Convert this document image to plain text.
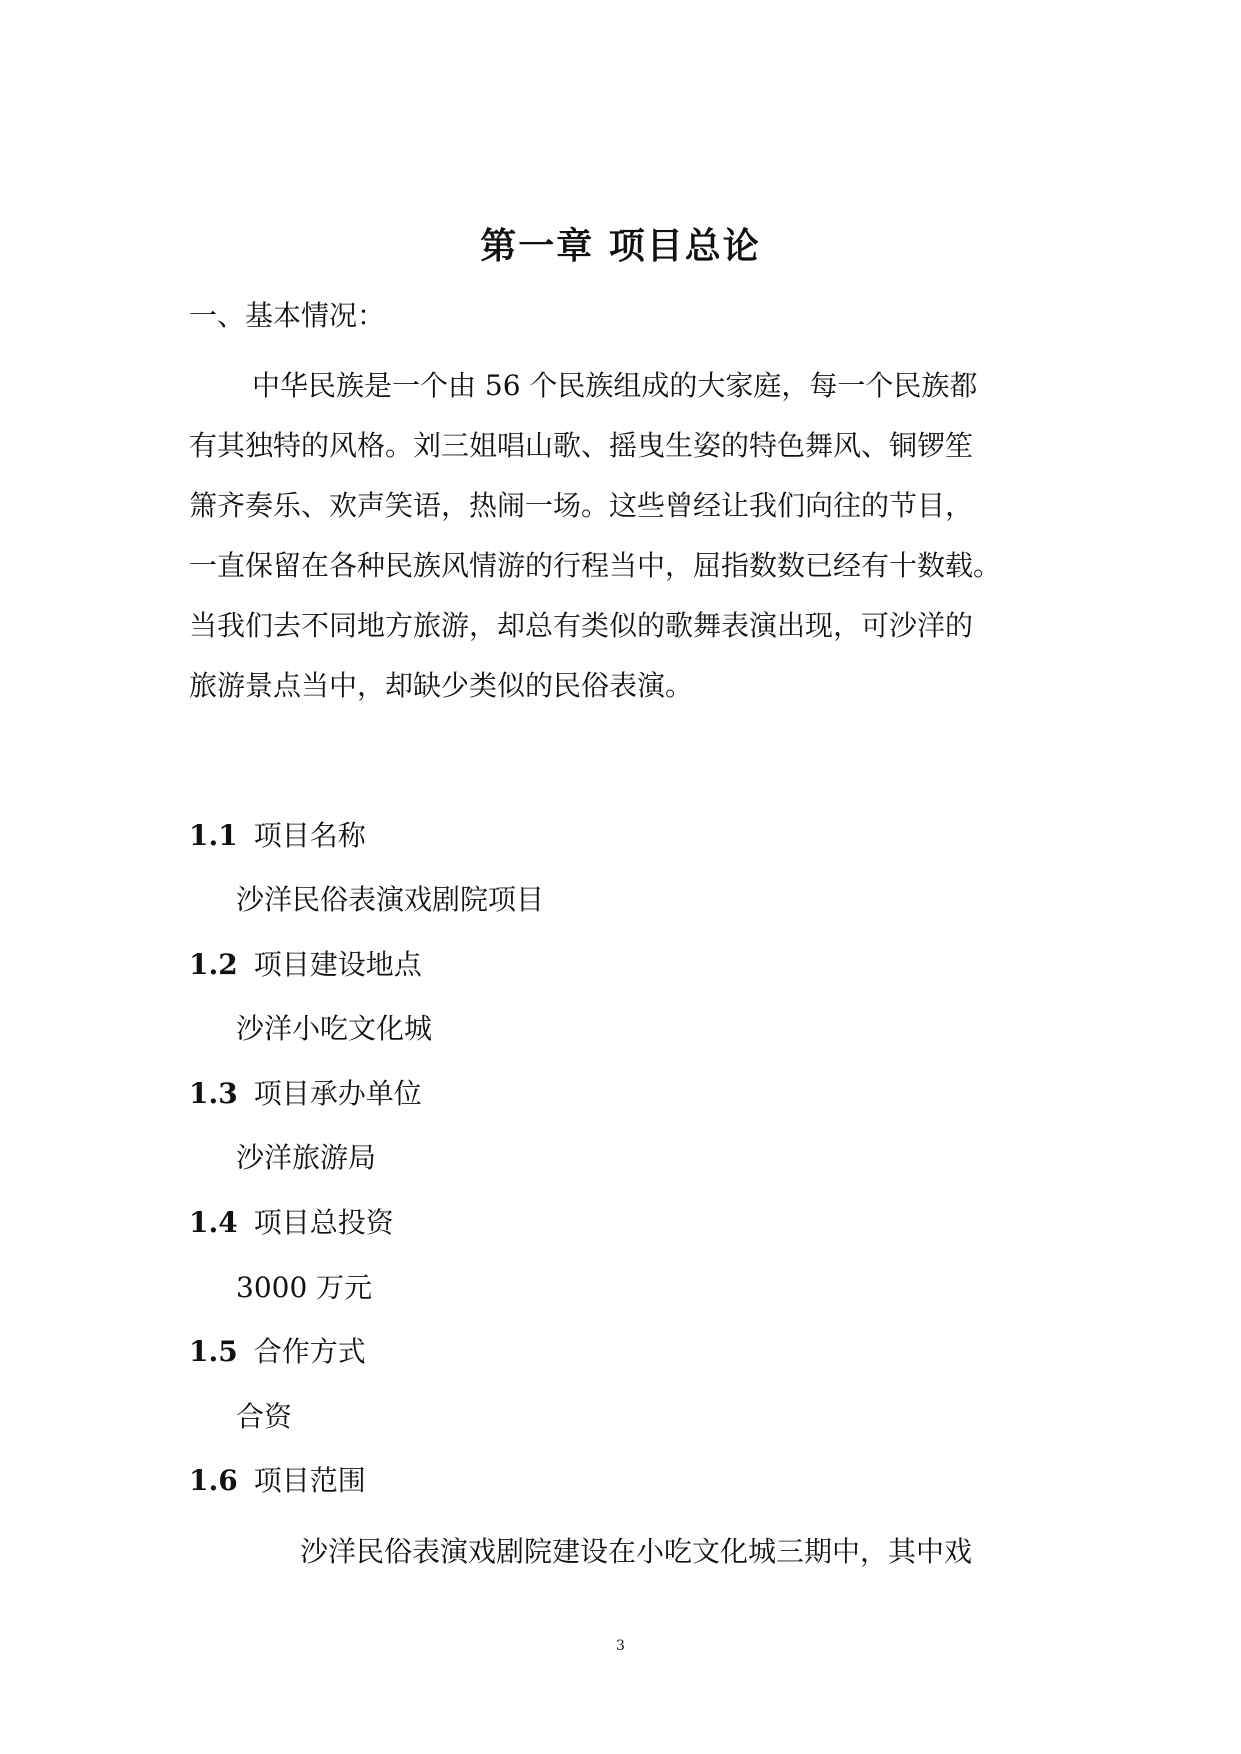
第一章 项目总论
一、基本情况：
中华民族是一个由 56 个民族组成的大家庭，每一个民族都
有其独特的风格。刘三姐唱山歌、摇曳生姿的特色舞风、铜锣笙
箫齐奏乐、欢声笑语，热闹一场。这些曾经让我们向往的节目，
一直保留在各种民族风情游的行程当中，屈指数数已经有十数载。
当我们去不同地方旅游，却总有类似的歌舞表演出现，可沙洋的
旅游景点当中，却缺少类似的民俗表演。
1.1 项目名称
沙洋民俗表演戏剧院项目
1.2 项目建设地点
沙洋小吃文化城
1.3 项目承办单位
沙洋旅游局
1.4 项目总投资
3000 万元
1.5 合作方式
合资
1.6 项目范围
沙洋民俗表演戏剧院建设在小吃文化城三期中，其中戏
3
